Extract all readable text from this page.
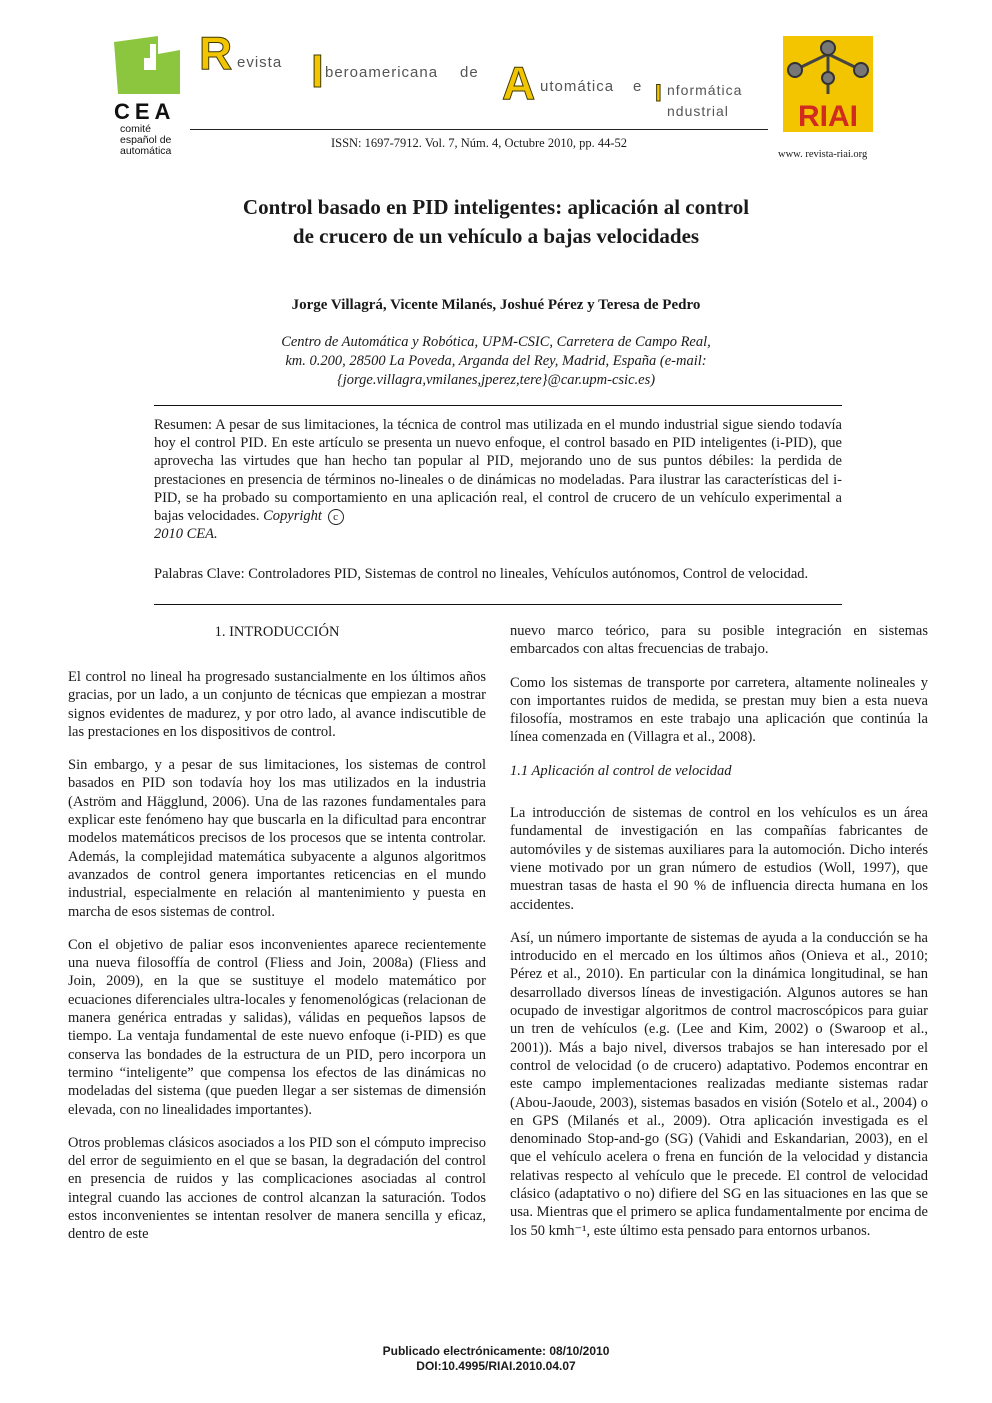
CEA
comité
español de
automática
R evista I beroamericana de A utomática e I nformática
ndustrial
ISSN: 1697-7912. Vol. 7, Núm. 4, Octubre 2010, pp. 44-52
RIAI
www. revista-riai.org
Control basado en PID inteligentes: aplicación al control de crucero de un vehículo a bajas velocidades
Jorge Villagrá, Vicente Milanés, Joshué Pérez y Teresa de Pedro
Centro de Automática y Robótica, UPM-CSIC, Carretera de Campo Real,
km. 0.200, 28500 La Poveda, Arganda del Rey, Madrid, España (e-mail:
{jorge.villagra,vmilanes,jperez,tere}@car.upm-csic.es)
Resumen: A pesar de sus limitaciones, la técnica de control mas utilizada en el mundo industrial sigue siendo todavía hoy el control PID. En este artículo se presenta un nuevo enfoque, el control basado en PID inteligentes (i-PID), que aprovecha las virtudes que han hecho tan popular al PID, mejorando uno de sus puntos débiles: la perdida de prestaciones en presencia de términos no-lineales o de dinámicas no modeladas. Para ilustrar las características del i-PID, se ha probado su comportamiento en una aplicación real, el control de crucero de un vehículo experimental a bajas velocidades. Copyright c
2010 CEA.
Palabras Clave: Controladores PID, Sistemas de control no lineales, Vehículos autónomos, Control de velocidad.
1. INTRODUCCIÓN

El control no lineal ha progresado sustancialmente en los últimos años gracias, por un lado, a un conjunto de técnicas que empiezan a mostrar signos evidentes de madurez, y por otro lado, al avance indiscutible de las prestaciones en los dispositivos de control.

Sin embargo, y a pesar de sus limitaciones, los sistemas de control basados en PID son todavía hoy los mas utilizados en la industria (Aström and Hägglund, 2006). Una de las razones fundamentales para explicar este fenómeno hay que buscarla en la dificultad para encontrar modelos matemáticos precisos de los procesos que se intenta controlar. Además, la complejidad matemática subyacente a algunos algoritmos avanzados de control genera importantes reticencias en el mundo industrial, especialmente en relación al mantenimiento y puesta en marcha de esos sistemas de control.

Con el objetivo de paliar esos inconvenientes aparece recientemente una nueva filosoffía de control (Fliess and Join, 2008a) (Fliess and Join, 2009), en la que se sustituye el modelo matemático por ecuaciones diferenciales ultra-locales y fenomenológicas (relacionan de manera genérica entradas y salidas), válidas en pequeños lapsos de tiempo. La ventaja fundamental de este nuevo enfoque (i-PID) es que conserva las bondades de la estructura de un PID, pero incorpora un termino “inteligente” que compensa los efectos de las dinámicas no modeladas del sistema (que pueden llegar a ser sistemas de dimensión elevada, con no linealidades importantes).

Otros problemas clásicos asociados a los PID son el cómputo impreciso del error de seguimiento en el que se basan, la degradación del control en presencia de ruidos y las complicaciones asociadas al control integral cuando las acciones de control alcanzan la saturación. Todos estos inconvenientes se intentan resolver de manera sencilla y eficaz, dentro de este

nuevo marco teórico, para su posible integración en sistemas embarcados con altas frecuencias de trabajo.

Como los sistemas de transporte por carretera, altamente nolineales y con importantes ruidos de medida, se prestan muy bien a esta nueva filosofía, mostramos en este trabajo una aplicación que continúa la línea comenzada en (Villagra et al., 2008).

1.1 Aplicación al control de velocidad

La introducción de sistemas de control en los vehículos es un área fundamental de investigación en las compañías fabricantes de automóviles y de sistemas auxiliares para la automoción. Dicho interés viene motivado por un gran número de estudios (Woll, 1997), que muestran tasas de hasta el 90 % de influencia directa humana en los accidentes.

Así, un número importante de sistemas de ayuda a la conducción se ha introducido en el mercado en los últimos años (Onieva et al., 2010; Pérez et al., 2010). En particular con la dinámica longitudinal, se han desarrollado diversos líneas de investigación. Algunos autores se han ocupado de investigar algoritmos de control macroscópicos para guiar un tren de vehículos (e.g. (Lee and Kim, 2002) o (Swaroop et al., 2001)). Más a bajo nivel, diversos trabajos se han interesado por el control de velocidad (o de crucero) adaptativo. Podemos encontrar en este campo implementaciones realizadas mediante sistemas radar (Abou-Jaoude, 2003), sistemas basados en visión (Sotelo et al., 2004) o en GPS (Milanés et al., 2009). Otra aplicación investigada es el denominado Stop-and-go (SG) (Vahidi and Eskandarian, 2003), en el que el vehículo acelera o frena en función de la velocidad y distancia relativas respecto al vehículo que le precede. El control de velocidad clásico (adaptativo o no) difiere del SG en las situaciones en las que se usa. Mientras que el primero se aplica fundamentalmente por encima de los 50 kmh⁻¹, este último esta pensado para entornos urbanos.

Publicado electrónicamente: 08/10/2010
DOI:10.4995/RIAI.2010.04.07
